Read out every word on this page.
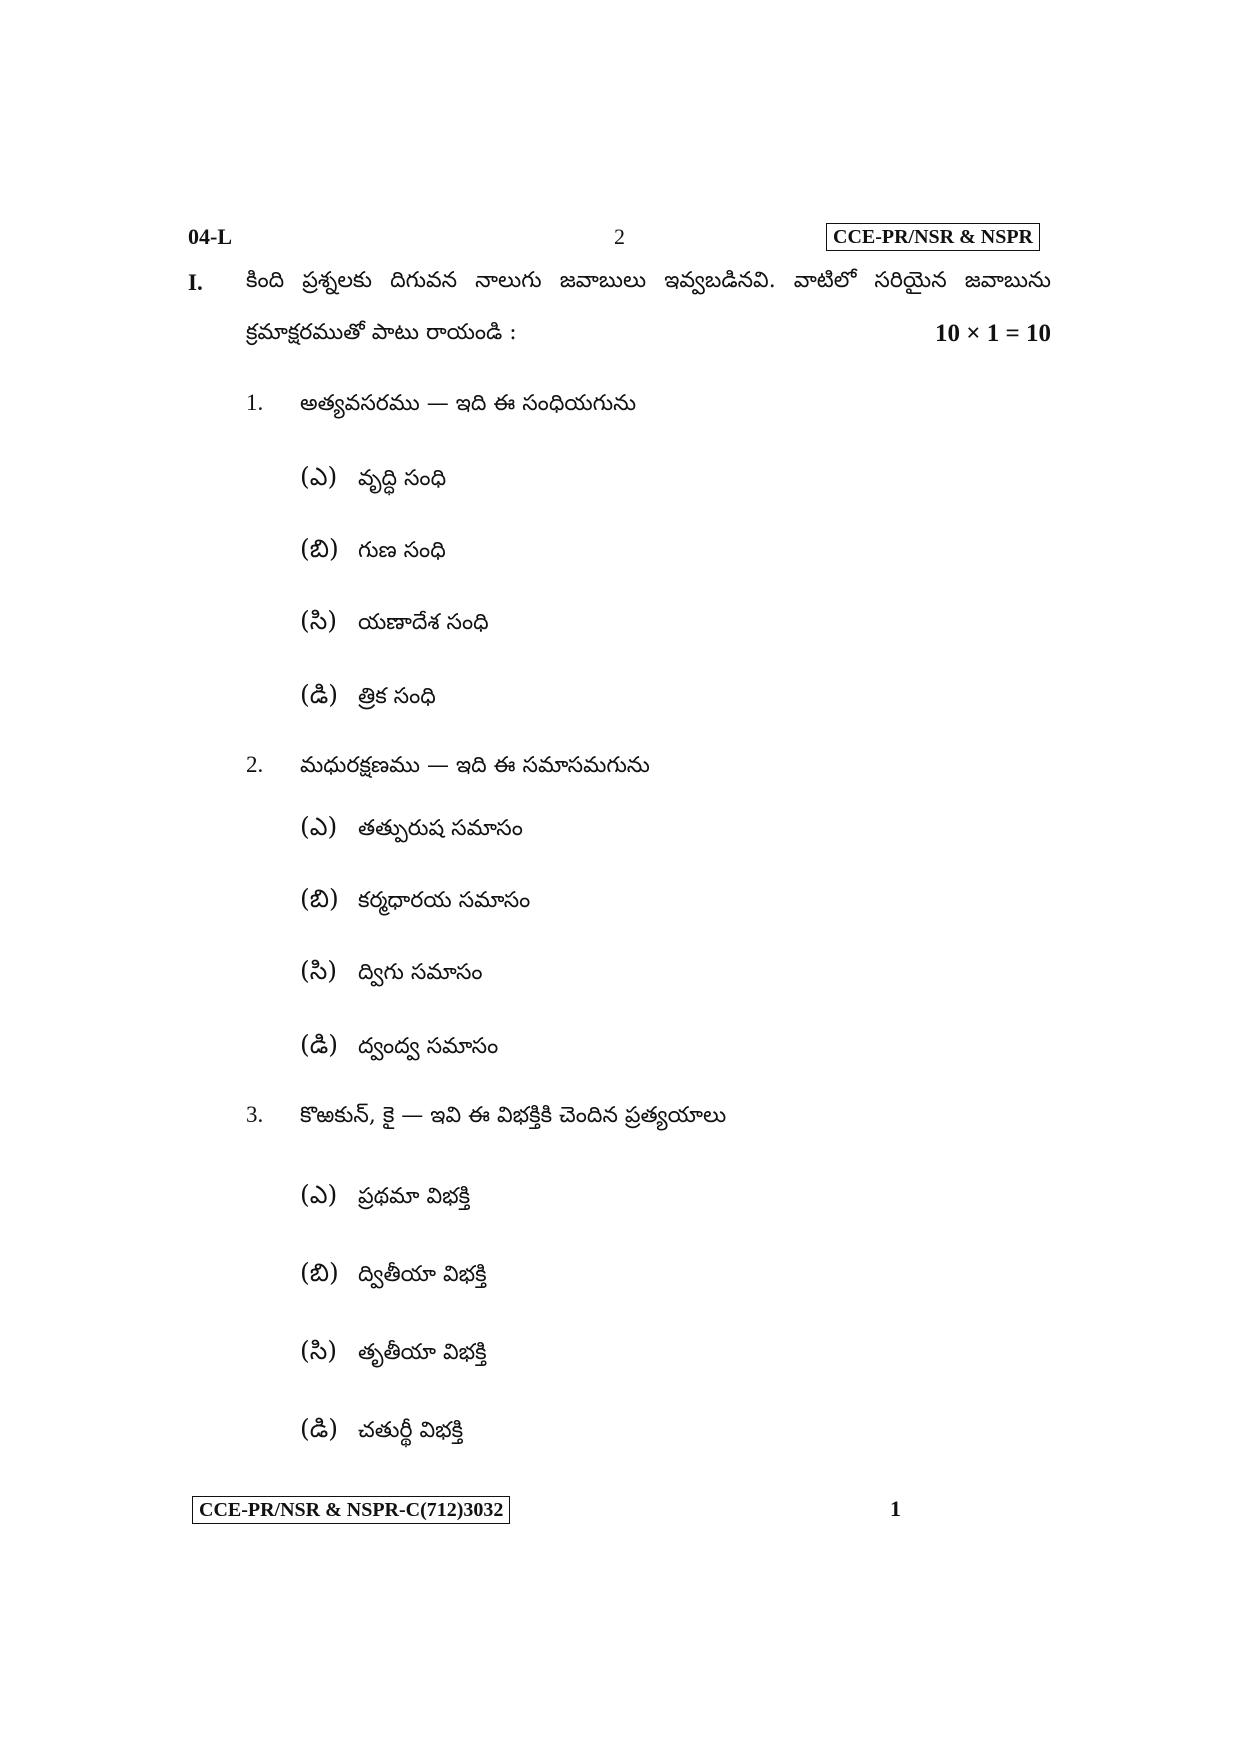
04-L	2	CCE-PR/NSR & NSPR
I. కింది ప్రశ్నలకు దిగువన నాలుగు జవాబులు ఇవ్వబడినవి. వాటిలో సరియైన జవాబును
క్రమాక్షరముతో పాటు రాయండి :	10 × 1 = 10
1. అత్యవసరము — ఇది ఈ సంధియగును
(ఎ) వృద్ధి సంధి
(బి) గుణ సంధి
(సి) యణాదేశ సంధి
(డి) త్రిక సంధి
2. మధురక్షణము — ఇది ఈ సమాసమగును
(ఎ) తత్పురుష సమాసం
(బి) కర్మధారయ సమాసం
(సి) ద్విగు సమాసం
(డి) ద్వంద్వ సమాసం
3. కొఱకున్, కై — ఇవి ఈ విభక్తికి చెందిన ప్రత్యయాలు
(ఎ) ప్రథమా విభక్తి
(బి) ద్వితీయా విభక్తి
(సి) తృతీయా విభక్తి
(డి) చతుర్థీ విభక్తి
CCE-PR/NSR & NSPR-C(712)3032	1
